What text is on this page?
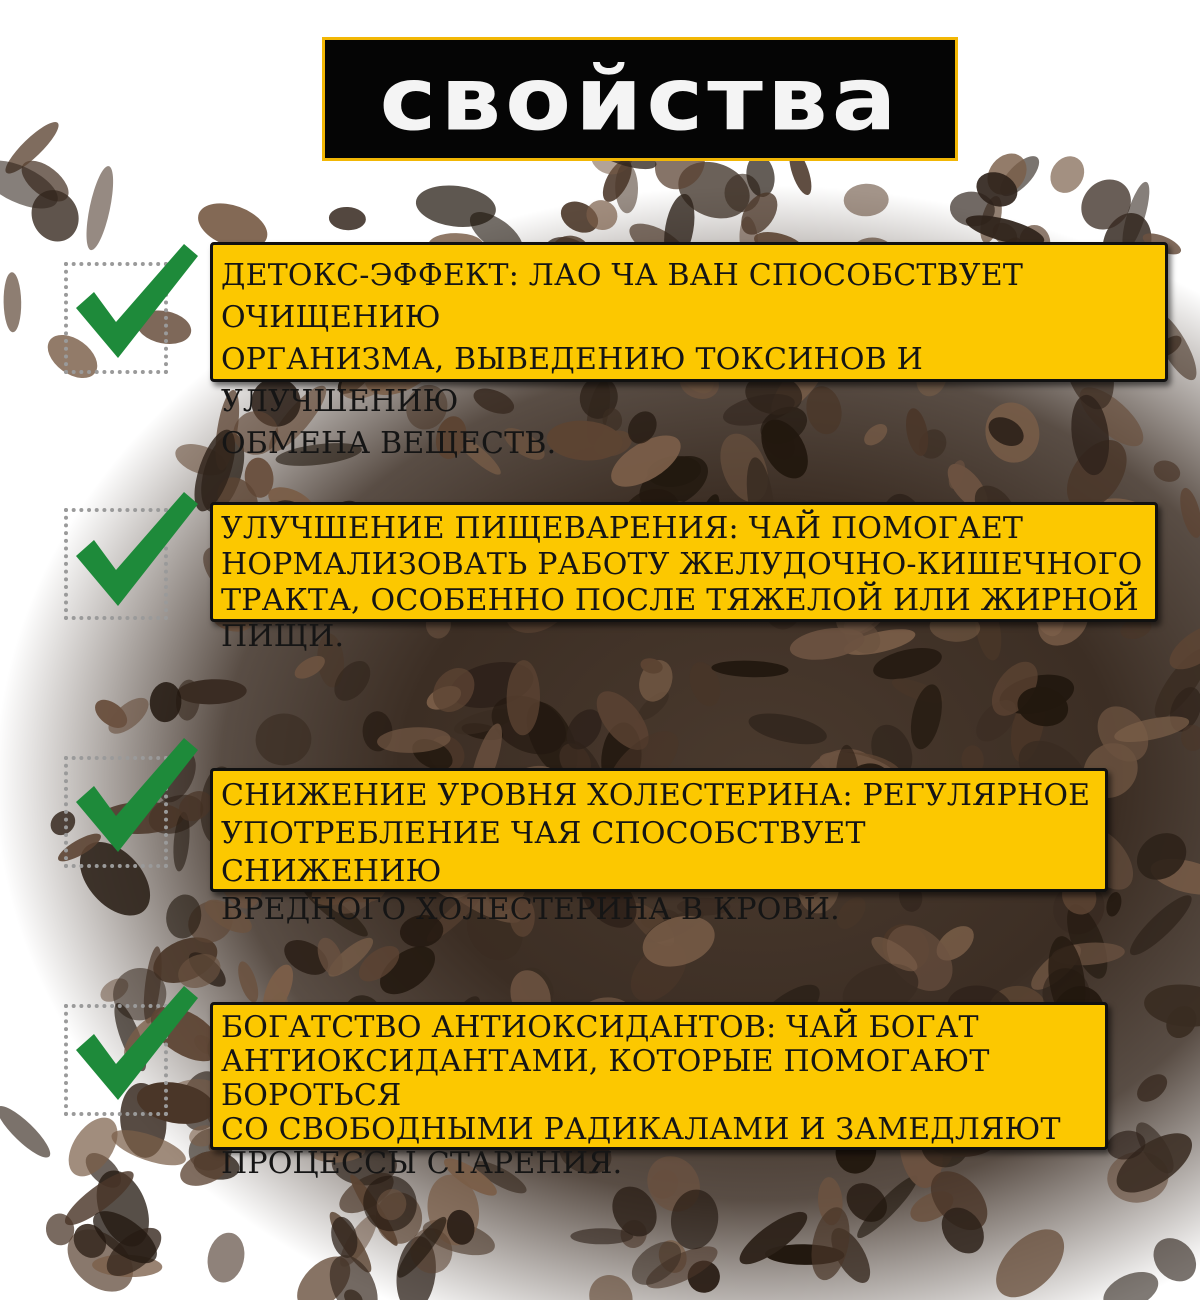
свойства
ДЕТОКС-ЭФФЕКТ: ЛАО ЧА ВАН СПОСОБСТВУЕТ ОЧИЩЕНИЮ
ОРГАНИЗМА, ВЫВЕДЕНИЮ ТОКСИНОВ И УЛУЧШЕНИЮ
ОБМЕНА ВЕЩЕСТВ.
УЛУЧШЕНИЕ ПИЩЕВАРЕНИЯ: ЧАЙ ПОМОГАЕТ
НОРМАЛИЗОВАТЬ РАБОТУ ЖЕЛУДОЧНО-КИШЕЧНОГО
ТРАКТА, ОСОБЕННО ПОСЛЕ ТЯЖЕЛОЙ ИЛИ ЖИРНОЙ ПИЩИ.
СНИЖЕНИЕ УРОВНЯ ХОЛЕСТЕРИНА: РЕГУЛЯРНОЕ
УПОТРЕБЛЕНИЕ ЧАЯ СПОСОБСТВУЕТ СНИЖЕНИЮ
ВРЕДНОГО ХОЛЕСТЕРИНА В КРОВИ.
БОГАТСТВО АНТИОКСИДАНТОВ: ЧАЙ БОГАТ
АНТИОКСИДАНТАМИ, КОТОРЫЕ ПОМОГАЮТ БОРОТЬСЯ
СО СВОБОДНЫМИ РАДИКАЛАМИ И ЗАМЕДЛЯЮТ
ПРОЦЕССЫ СТАРЕНИЯ.
